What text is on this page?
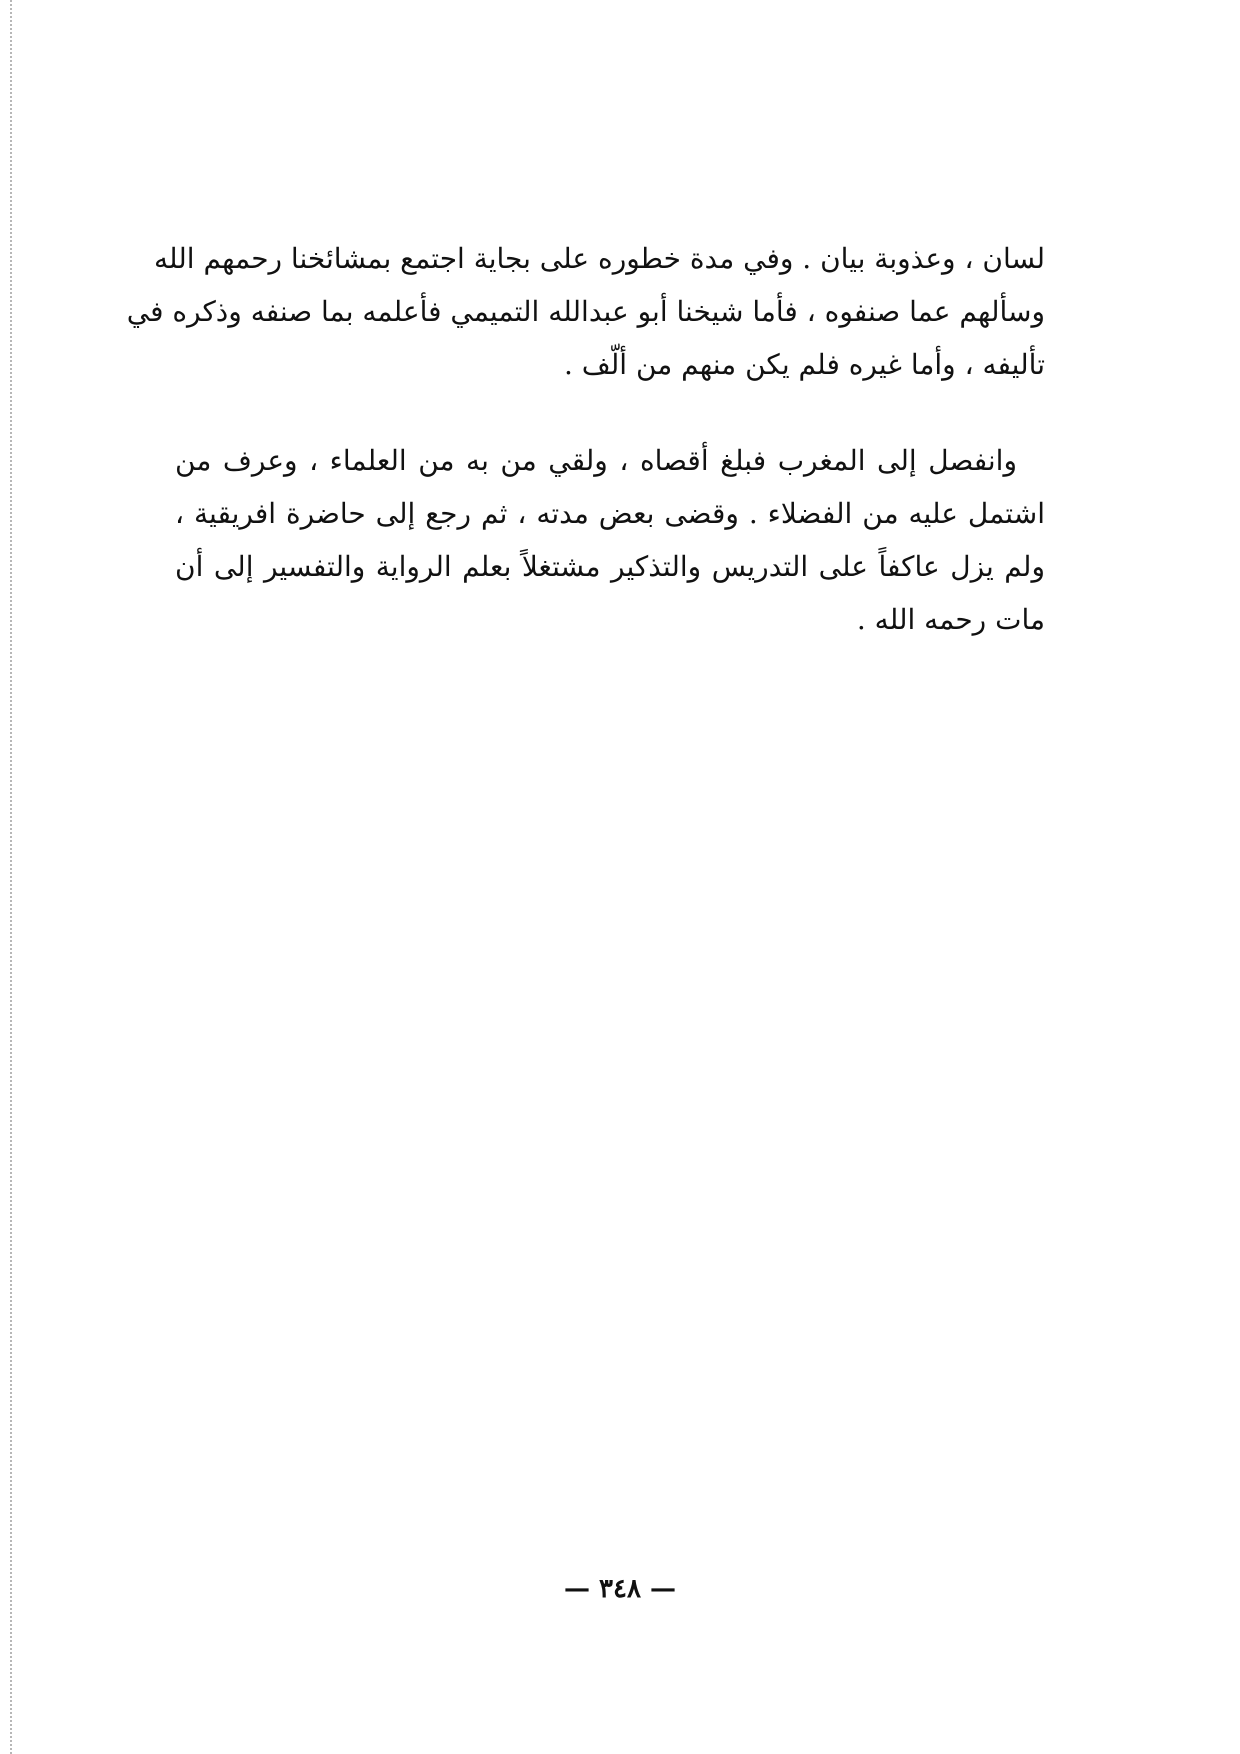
لسان ، وعذوبة بيان . وفي مدة خطوره على بجاية اجتمع بمشائخنا رحمهم الله
وسألهم عما صنفوه ، فأما شيخنا أبو عبدالله التميمي فأعلمه بما صنفه وذكره في
تأليفه ، وأما غيره فلم يكن منهم من ألّف .
وانفصل إلى المغرب فبلغ أقصاه ، ولقي من به من العلماء ، وعرف من
اشتمل عليه من الفضلاء . وقضى بعض مدته ، ثم رجع إلى حاضرة افريقية ،
ولم يزل عاكفاً على التدريس والتذكير مشتغلاً بعلم الرواية والتفسير إلى أن
مات رحمه الله .
— ٣٤٨ —
